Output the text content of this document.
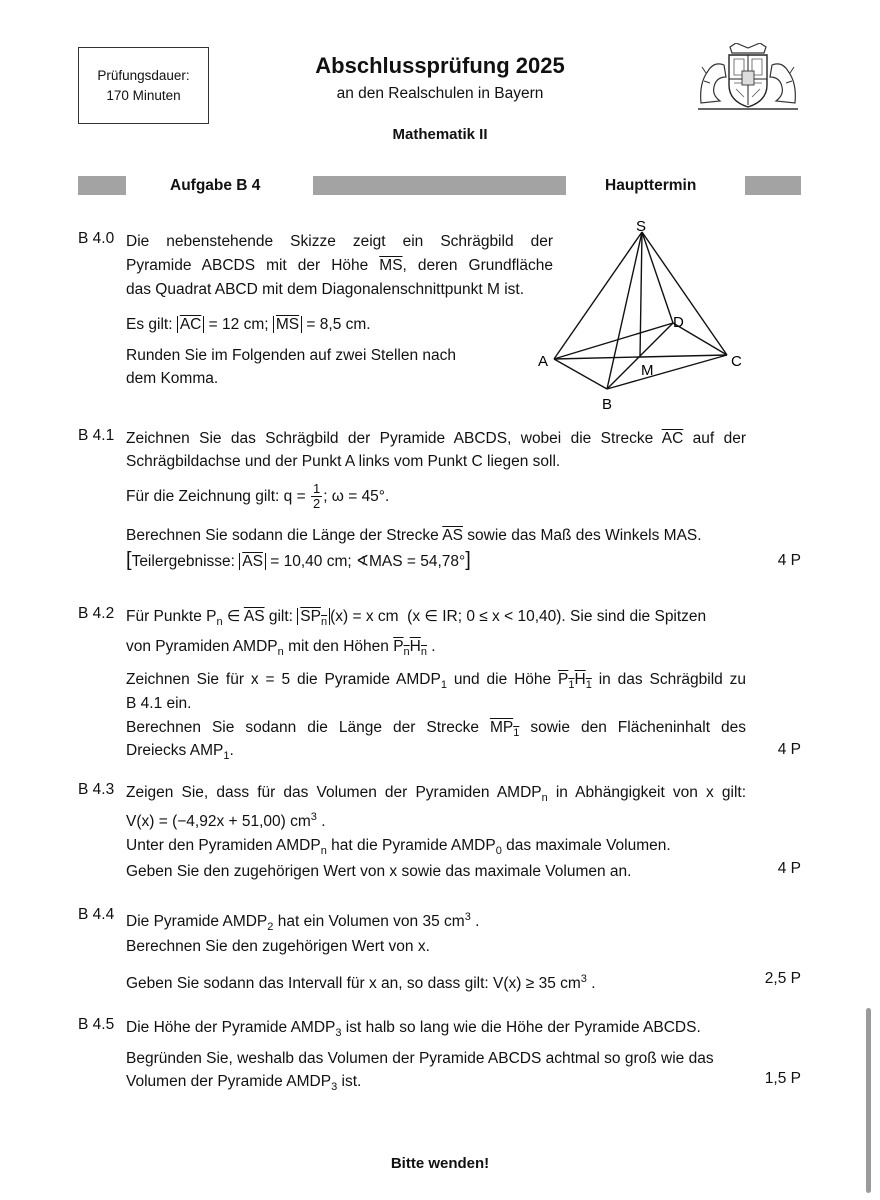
Prüfungsdauer:
170 Minuten
Abschlussprüfung 2025
an den Realschulen in Bayern
Mathematik II
Aufgabe B 4	Haupttermin
S
D
A	C
M
B
B 4.0 Die nebenstehende Skizze zeigt ein Schrägbild der
Pyramide ABCDS mit der Höhe $\overline{MS}$, deren Grundfläche
das Quadrat ABCD mit dem Diagonalenschnittpunkt M ist.
Es gilt: $\overline{AC} = 12$ cm; $\overline{MS} = 8,5$ cm.
Runden Sie im Folgenden auf zwei Stellen nach
dem Komma.
B 4.1 Zeichnen Sie das Schrägbild der Pyramide ABCDS, wobei die Strecke $\overline{AC}$ auf der
Schrägbildachse und der Punkt A links vom Punkt C liegen soll.
Für die Zeichnung gilt: $q = \frac{1}{2}$ ; ω = 45°.
Berechnen Sie sodann die Länge der Strecke $\overline{AS}$ sowie das Maß des Winkels MAS.
[Teilergebnisse: $\overline{AS} = 10,40$ cm; ∢MAS = 54,78°]	4 P
B 4.2 Für Punkte $P_n$ ∈ $\overline{AS}$ gilt: $SP_n$ (x) = x cm  (x ∈ IR; 0 ≤ x < 10,40). Sie sind die Spitzen
von Pyramiden $AMDP_n$ mit den Höhen $P_nH_n$ .
Zeichnen Sie für x = 5 die Pyramide $AMDP_1$ und die Höhe $P_1H_1$ in das Schrägbild zu
B 4.1 ein.
Berechnen Sie sodann die Länge der Strecke $MP_1$ sowie den Flächeninhalt des
Dreiecks $AMP_1$.	4 P
B 4.3 Zeigen Sie, dass für das Volumen der Pyramiden $AMDP_n$ in Abhängigkeit von x gilt:
V(x) = (−4,92x + 51,00) $cm^3$ .
Unter den Pyramiden $AMDP_n$ hat die Pyramide $AMDP_0$ das maximale Volumen.
Geben Sie den zugehörigen Wert von x sowie das maximale Volumen an.	4 P
B 4.4 Die Pyramide $AMDP_2$ hat ein Volumen von 35 $cm^3$ .
Berechnen Sie den zugehörigen Wert von x.
Geben Sie sodann das Intervall für x an, so dass gilt: V(x) ≥ 35 $cm^3$ .	2,5 P
B 4.5 Die Höhe der Pyramide $AMDP_3$ ist halb so lang wie die Höhe der Pyramide ABCDS.
Begründen Sie, weshalb das Volumen der Pyramide ABCDS achtmal so groß wie das
Volumen der Pyramide $AMDP_3$ ist.	1,5 P
Bitte wenden!
